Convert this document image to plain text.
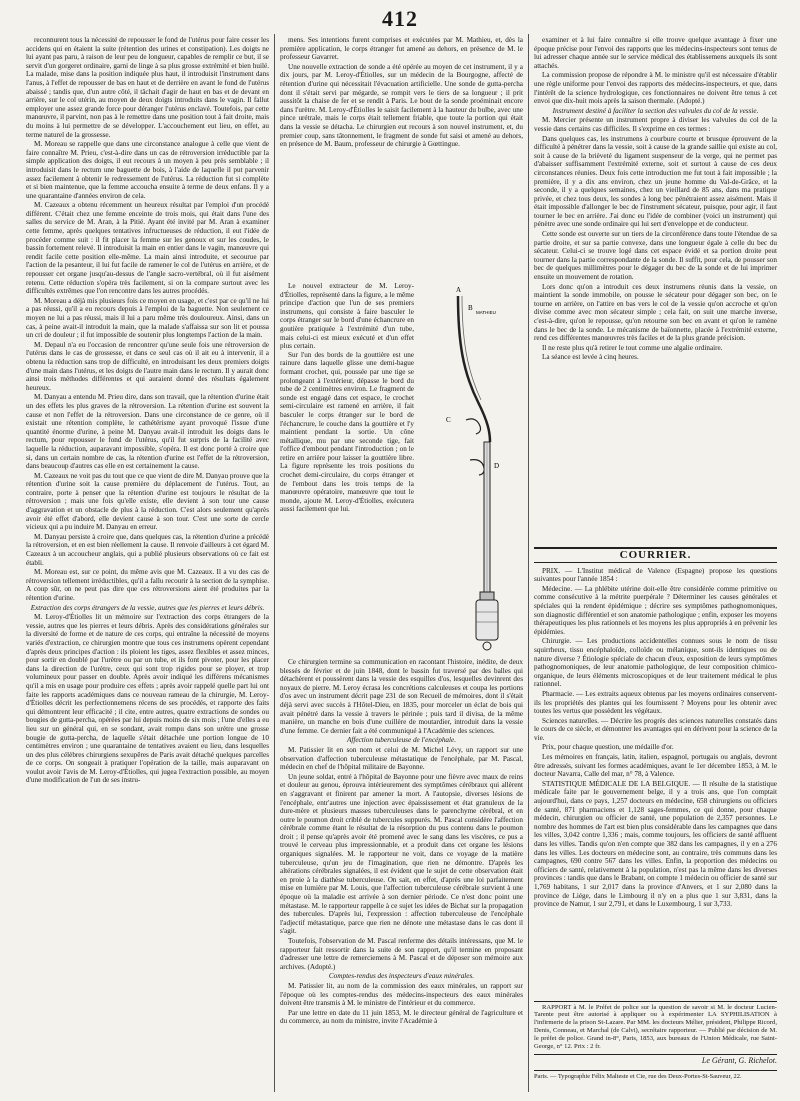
412

reconnurent tous la nécessité de repousser le fond de l'utérus pour faire cesser les accidens qui en étaient la suite (rétention des urines et constipation). Les doigts ne lui ayant pas paru, à raison de leur peu de longueur, capables de remplir ce but, il se servit d'un gorgeret ordinaire, garni de linge à sa plus grosse extrémité et bien huilé. La malade, mise dans la position indiquée plus haut, il introduisit l'instrument dans l'anus, à l'effet de repousser de bas en haut et de derrière en avant le fond de l'utérus abaissé ; tandis que, d'un autre côté, il tâchait d'agir de haut en bas et de devant en arrière, sur le col utérin, au moyen de deux doigts introduits dans le vagin. Il fallut employer une assez grande force pour déranger l'utérus enclavé. Toutefois, par cette manœuvre, il parvint, non pas à le remettre dans une position tout à fait droite, mais du moins à lui permettre de se développer. L'accouchement eut lieu, en effet, au terme naturel de la grossesse.

M. Moreau se rappelle que dans une circonstance analogue à celle que vient de faire connaître M. Prieu, c'est-à-dire dans un cas de rétroversion irréductible par la simple application des doigts, il eut recours à un moyen à peu près semblable ; il introduisit dans le rectum une baguette de bois, à l'aide de laquelle il put parvenir assez facilement à obtenir le redressement de l'utérus. La réduction fut si complète et si bien maintenue, que la femme accoucha ensuite à terme de deux enfans. Il y a une quarantaine d'années environ de cela.

M. Cazeaux a obtenu récemment un heureux résultat par l'emploi d'un procédé différent. C'était chez une femme enceinte de trois mois, qui était dans l'une des salles du service de M. Aran, à la Pitié. Ayant été invité par M. Aran à examiner cette femme, après quelques tentatives infructueuses de réduction, il eut l'idée de procéder comme suit : il fit placer la femme sur les genoux et sur les coudes, le bassin fortement relevé. Il introduisit la main en entier dans le vagin, manœuvre qui rendit facile cette position elle-même. La main ainsi introduite, et secourue par l'action de la pesanteur, il lui fut facile de ramener le col de l'utérus en arrière, et de repousser cet organe jusqu'au-dessus de l'angle sacro-vertébral, où il fut aisément retenu. Cette réduction s'opéra très facilement, si on la compare surtout avec les difficultés extrêmes que l'on rencontre dans les autres procédés.

M. Moreau a déjà mis plusieurs fois ce moyen en usage, et c'est par ce qu'il ne lui a pas réussi, qu'il a eu recours depuis à l'emploi de la baguette. Non seulement ce moyen ne lui a pas réussi, mais il lui a paru même très douloureux. Ainsi, dans un cas, à peine avait-il introduit la main, que la malade s'affaissa sur son lit et poussa un cri de douleur ; il fut impossible de soutenir plus longtemps l'action de la main.

M. Depaul n'a eu l'occasion de rencontrer qu'une seule fois une rétroversion de l'utérus dans le cas de grossesse, et dans ce seul cas où il ait eu à intervenir, il a obtenu la réduction sans trop de difficulté, en introduisant les deux premiers doigts d'une main dans l'utérus, et les doigts de l'autre main dans le rectum. Il y aurait donc ainsi trois méthodes différentes et qui auraient donné des résultats également heureux.

M. Danyau a entendu M. Prieu dire, dans son travail, que la rétention d'urine était un des effets les plus graves de la rétroversion. La rétention d'urine est souvent la cause et non l'effet de la rétroversion. Dans une circonstance de ce genre, où il existait une rétention complète, le cathétérisme ayant provoqué l'issue d'une quantité énorme d'urine, à peine M. Danyau avait-il introduit les doigts dans le rectum, pour repousser le fond de l'utérus, qu'il fut surpris de la facilité avec laquelle la réduction, auparavant impossible, s'opéra. Il est donc porté à croire que si, dans un certain nombre de cas, la rétention d'urine est l'effet de la rétroversion, dans beaucoup d'autres cas elle en est certainement la cause.

M. Cazeaux ne voit pas du tout que ce que vient de dire M. Danyau prouve que la rétention d'urine soit la cause première du déplacement de l'utérus. Tout, au contraire, porte à penser que la rétention d'urine est toujours le résultat de la rétroversion ; mais une fois qu'elle existe, elle devient à son tour une cause d'aggravation et un obstacle de plus à la réduction. C'est alors seulement qu'après avoir été effet d'abord, elle devient cause à son tour. C'est une sorte de cercle vicieux qui a pu induire M. Danyau en erreur.

M. Danyau persiste à croire que, dans quelques cas, la rétention d'urine a précédé la rétroversion, et en est bien réellement la cause. Il renvoie d'ailleurs à cet égard M. Cazeaux à un accoucheur anglais, qui a publié plusieurs observations où ce fait est établi.

M. Moreau est, sur ce point, du même avis que M. Cazeaux. Il a vu des cas de rétroversion tellement irréductibles, qu'il a fallu recourir à la section de la symphise. A coup sûr, on ne peut pas dire que ces rétroversions aient été produites par la rétention d'urine.

Extraction des corps étrangers de la vessie, autres que les pierres et leurs débris.

M. Leroy-d'Étiolles lit un mémoire sur l'extraction des corps étrangers de la vessie, autres que les pierres et leurs débris. Après des considérations générales sur la diversité de forme et de nature de ces corps, qui entraîne la nécessité de moyens variés d'extraction, ce chirurgien montre que tous ces instrumens opèrent cependant d'après deux principes d'action : ils ploient les tiges, assez flexibles et assez minces, pour sortir en doublé par l'urètre ou par un tube, et ils font pivoter, pour les placer dans la direction de l'urètre, ceux qui sont trop rigides pour se ployer, et trop volumineux pour passer en double. Après avoir indiqué les différens mécanismes qu'il a mis en usage pour produire ces effets ; après avoir rappelé quelle part lui ont faite les rapports académiques dans ce nouveau rameau de la chirurgie, M. Leroy-d'Étiolles décrit les perfectionnemens récens de ses procédés, et rapporte des faits qui démontrent leur efficacité ; il cite, entre autres, quatre extractions de sondes ou bougies de gutta-percha, opérées par lui depuis moins de six mois ; l'une d'elles a eu lieu sur un général qui, en se sondant, avait rompu dans son urètre une grosse bougie de gutta-percha, de laquelle s'était détachée une portion longue de 10 centimètres environ ; une quarantaine de tentatives avaient eu lieu, dans lesquelles un des plus célèbres chirurgiens sexupêres de Paris avait détaché quelques parcelles de ce corps. On songeait à pratiquer l'opération de la taille, mais auparavant on voulut avoir l'avis de M. Leroy-d'Étiolles, qui jugea l'extraction possible, au moyen d'une modification de l'un de ses instru-

mens. Ses intentions furent comprises et exécutées par M. Mathieu, et, dès la première application, le corps étranger fut amené au dehors, en présence de M. le professeur Gavarret.

Une nouvelle extraction de sonde a été opérée au moyen de cet instrument, il y a dix jours, par M. Leroy-d'Étiolles, sur un médecin de la Bourgogne, affecté de rétention d'urine qui nécessitait l'évacuation artificielle. Une sonde de gutta-percha dont il s'était servi par mégarde, se rompit vers le tiers de sa longueur ; il prit aussitôt la chaise de fer et se rendit à Paris. Le bout de la sonde proéminait encore dans l'urètre. M. Leroy-d'Étiolles le saisit facilement à la hauteur du bulbe, avec une pince urétrale, mais le corps était tellement friable, que toute la portion qui était dans la vessie se détacha. Le chirurgien eut recours à son nouvel instrument, et, du premier coup, sans tâtonnement, le fragment de sonde fut saisi et amené au dehors, en présence de M. Baum, professeur de chirurgie à Gœttingue.

Le nouvel extracteur de M. Leroy-d'Étiolles, représenté dans la figure, a le même principe d'action que l'un de ses premiers instrumens, qui consiste à faire basculer le corps étranger sur le bord d'une échancrure en goutière pratiquée à l'extrémité d'un tube, mais celui-ci est mieux exécuté et d'un effet plus certain.

Sur l'un des bords de la gouttière est une rainure dans laquelle glisse une demi-bague formant crochet, qui, poussée par une tige se prolongeant à l'extérieur, dépasse le bord du tube de 2 centimètres environ. Le fragment de sonde est engagé dans cet espace, le crochet semi-circulaire est ramené en arrière, il fait basculer le corps étranger sur le bord de l'échancrure, le couche dans la gouttière et l'y maintient pendant la sortie. Un cône métallique, mu par une seconde tige, fait l'office d'embout pendant l'introduction ; on le retire en arrière pour laisser la gouttière libre. La figure représente les trois positions du crochet demi-circulaire, du corps étranger et de l'embout dans les trois temps de la manœuvre opératoire, manœuvre que tout le monde, ajoute M. Leroy-d'Étiolles, exécutera aussi facilement que lui.

A
B
MATHIEU
C
D

Ce chirurgien termine sa communication en racontant l'histoire, inédite, de deux blessés de février et de juin 1848, dont le bassin fut traversé par des balles qui détachèrent et poussèrent dans la vessie des esquilles d'os, lesquelles devinrent des noyaux de pierre. M. Leroy écrasa les concrétions calculeuses et coupa les portions d'os avec un instrument décrit page 231 de son Recueil de mémoires, dont il s'était déjà servi avec succès à l'Hôtel-Dieu, en 1835, pour morceler un éclat de bois qui avait pénétré dans la vessie à travers le périnée ; puis tard il divisa, de la même manière, un manche en bois d'une cuillère de moutardier, introduit dans la vessie d'une femme. Ce dernier fait a été communiqué à l'Académie des sciences.

Affection tuberculeuse de l'encéphale.

M. Patissier lit en son nom et celui de M. Michel Lévy, un rapport sur une observation d'affection tuberculeuse métastatique de l'encéphale, par M. Pascal, médecin en chef de l'hôpital militaire de Bayonne.

Un jeune soldat, entré à l'hôpital de Bayonne pour une fièvre avec maux de reins et douleur au genou, éprouva intérieurement des symptômes cérébraux qui allèrent en s'aggravant et finirent par amener la mort. A l'autopsie, diverses lésions de l'encéphale, entr'autres une injection avec épaississement et état granuleux de la dure-mère et plusieurs masses tuberculeuses dans le parenchyme cérébral, et en outre le poumon droit criblé de tubercules suppurés. M. Pascal considère l'affection cérébrale comme étant le résultat de la résorption du pus contenu dans le poumon droit ; il pense qu'après avoir été promené avec le sang dans les viscères, ce pus a trouvé le cerveau plus impressionnable, et a produit dans cet organe les lésions organiques signalées. M. le rapporteur ne voit, dans ce voyage de la matière tuberculeuse, qu'un jeu de l'imagination, que rien ne démontre. D'après les altérations cérébrales signalées, il est évident que le sujet de cette observation était en proie à la diathèse tuberculeuse. On sait, en effet, d'après une loi parfaitement mise en lumière par M. Louis, que l'affection tuberculeuse cérébrale survient à une époque où la maladie est arrivée à son dernier période. Ce n'est donc point une métastase. M. le rapporteur rappelle à ce sujet les idées de Bichat sur la propagation des tubercules. D'après lui, l'expression : affection tuberculeuse de l'encéphale l'adjectif métastatique, parce que rien ne dénote une métastase dans le cas dont il s'agit.

Toutefois, l'observation de M. Pascal renferme des détails intéressans, que M. le rapporteur fait ressortir dans la suite de son rapport, qu'il termine en proposant d'adresser une lettre de remerciemens à M. Pascal et de déposer son mémoire aux archives. (Adopté.)

Comptes-rendus des inspecteurs d'eaux minérales.

M. Patissier lit, au nom de la commission des eaux minérales, un rapport sur l'époque où les comptes-rendus des médecins-inspecteurs des eaux minérales doivent être transmis à M. le ministre de l'intérieur et du commerce.

Par une lettre en date du 11 juin 1853, M. le directeur général de l'agriculture et du commerce, au nom du ministre, invite l'Académie à

examiner et à lui faire connaître si elle trouve quelque avantage à fixer une époque précise pour l'envoi des rapports que les médecins-inspecteurs sont tenus de lui adresser chaque année sur le service médical des établissemens auxquels ils sont attachés.

La commission propose de répondre à M. le ministre qu'il est nécessaire d'établir une règle uniforme pour l'envoi des rapports des médecins-inspecteurs, et que, dans l'intérêt de la science hydrologique, ces fonctionnaires ne doivent être tenus à cet envoi que dix-huit mois après la saison thermale. (Adopté.)

Instrument destiné à faciliter la section des valvules du col de la vessie.

M. Mercier présente un instrument propre à diviser les valvules du col de la vessie dans certains cas difficiles. Il s'exprime en ces termes :

Dans quelques cas, les instrumens à courbure courte et brusque éprouvent de la difficulté à pénétrer dans la vessie, soit à cause de la grande saillie qui existe au col, soit à cause de la brièveté du ligament suspenseur de la verge, qui ne permet pas d'abaisser suffisamment l'extrémité externe, soit et surtout à cause de ces deux circonstances réunies. Deux fois cette introduction me fut tout à fait impossible ; la première, il y a dix ans environ, chez un jeune homme du Val-de-Grâce, et la seconde, il y a quelques semaines, chez un vieillard de 85 ans, dans ma pratique privée, et chez tous deux, les sondes à long bec pénétraient assez aisément. Mais il était impossible d'allonger le bec de l'instrument sécateur, puisque, pour agir, il faut tourner le bec en arrière. J'ai donc eu l'idée de combiner (voici un instrument) qui pénètre avec une sonde ordinaire qui lui sert d'enveloppe et de conducteur.

Cette sonde est ouverte sur un tiers de la circonférence dans toute l'étendue de sa partie droite, et sur sa partie convexe, dans une longueur égale à celle du bec du sécateur. Celui-ci se trouve logé dans cet espace évidé et sa portion droite peut tourner dans la partie correspondante de la sonde. Il suffit, pour cela, de pousser son bec de quelques millimètres pour le dégager du bec de la sonde et de lui imprimer ensuite un mouvement de rotation.

Lors donc qu'on a introduit ces deux instrumens réunis dans la vessie, on maintient la sonde immobile, on pousse le sécateur pour dégager son bec, on le tourne en arrière, on l'attire en bas vers le col de la vessie qu'on accroche et qu'on divise comme avec mon sécateur simple ; cela fait, on suit une marche inverse, c'est-à-dire, qu'on le repousse, qu'on retourne son bec en avant et qu'on le ramène dans le bec de la sonde. Le mécanisme de baïonnette, placée à l'extrémité externe, rend ces différentes manœuvres très faciles et de la plus grande précision.

Il ne reste plus qu'à retirer le tout comme une algalie ordinaire.

La séance est levée à cinq heures.

COURRIER.

PRIX. — L'Institut médical de Valence (Espagne) propose les questions suivantes pour l'année 1854 :

Médecine. — La phlébite utérine doit-elle être considérée comme primitive ou comme consécutive à la métrite puerpérale ? Déterminer les causes générales et spéciales qui la rendent épidémique ; décrire ses symptômes pathognomoniques, son diagnostic différentiel et son anatomie pathologique ; enfin, exposer les moyens thérapeutiques les plus rationnels et les moyens les plus appropriés à en prévenir les épidémies.

Chirurgie. — Les productions accidentelles connues sous le nom de tissu squirrheux, tissu encéphaloïde, colloïde ou mélanique, sont-ils identiques ou de nature diverse ? Étiologie spéciale de chacun d'eux, exposition de leurs symptômes pathognomoniques, de leur anatomie pathologique, de leur composition chimico-organique, de leurs éléments microscopiques et de leur traitement médical le plus rationnel.

Pharmacie. — Les extraits aqueux obtenus par les moyens ordinaires conservent-ils les propriétés des plantes qui les fournissent ? Moyens pour les obtenir avec toutes les vertus que possèdent les végétaux.

Sciences naturelles. — Décrire les progrès des sciences naturelles constatés dans le cours de ce siècle, et démontrer les avantages qui en dérivent pour la science de la vie.

Prix, pour chaque question, une médaille d'or.

Les mémoires en français, latin, italien, espagnol, portugais ou anglais, devront être adressés, suivant les formes académiques, avant le 1er décembre 1853, à M. le docteur Navarra, Calle del mar, n° 78, à Valence.

STATISTIQUE MÉDICALE DE LA BELGIQUE. — Il résulte de la statistique médicale faite par le gouvernement belge, il y a trois ans, que l'on comptait aujourd'hui, dans ce pays, 1,257 docteurs en médecine, 658 chirurgiens ou officiers de santé, 871 pharmaciens et 1,128 sages-femmes, ce qui donne, pour chaque médecin, chirurgien ou officier de santé, une population de 2,357 personnes. Le nombre des hommes de l'art est bien plus considérable dans les campagnes que dans les villes, 3,042 contre 1,336 ; mais, comme toujours, les officiers de santé affluent dans les villes. Tandis qu'on n'en compte que 382 dans les campagnes, il y en a 276 dans les villes. Les docteurs en médecine sont, au contraire, très communs dans les campagnes, 690 contre 567 dans les villes. Enfin, la proportion des médecins ou officiers de santé, relativement à la population, n'est pas la même dans les diverses provinces : tandis que dans le Brabant, on compte 1 médecin ou officier de santé sur 1,769 habitans, 1 sur 2,017 dans la province d'Anvers, et 1 sur 2,080 dans la province de Liége, dans le Limbourg il n'y en a plus que 1 sur 3,831, dans la province de Namur, 1 sur 2,791, et dans le Luxembourg, 1 sur 3,733.

RAPPORT à M. le Préfet de police sur la question de savoir si M. le docteur Lucien-Tarente peut être autorisé à appliquer ou à expérimenter LA SYPHILISATION à l'infirmerie de la prison St-Lazare. Par MM. les docteurs Mélier, président, Philippe Ricord, Denis, Conneau, et Marchal (de Calvi), secrétaire rapporteur. — Publié par décision de M. le préfet de police. Grand in-8°, Paris, 1853, aux bureaux de l'Union Médicale, rue Saint-George, n° 12. Prix : 2 fr.

Le Gérant, G. Richelot.
Paris. — Typographie Félix Malteste et Cie, rue des Deux-Portes-St-Sauveur, 22.
